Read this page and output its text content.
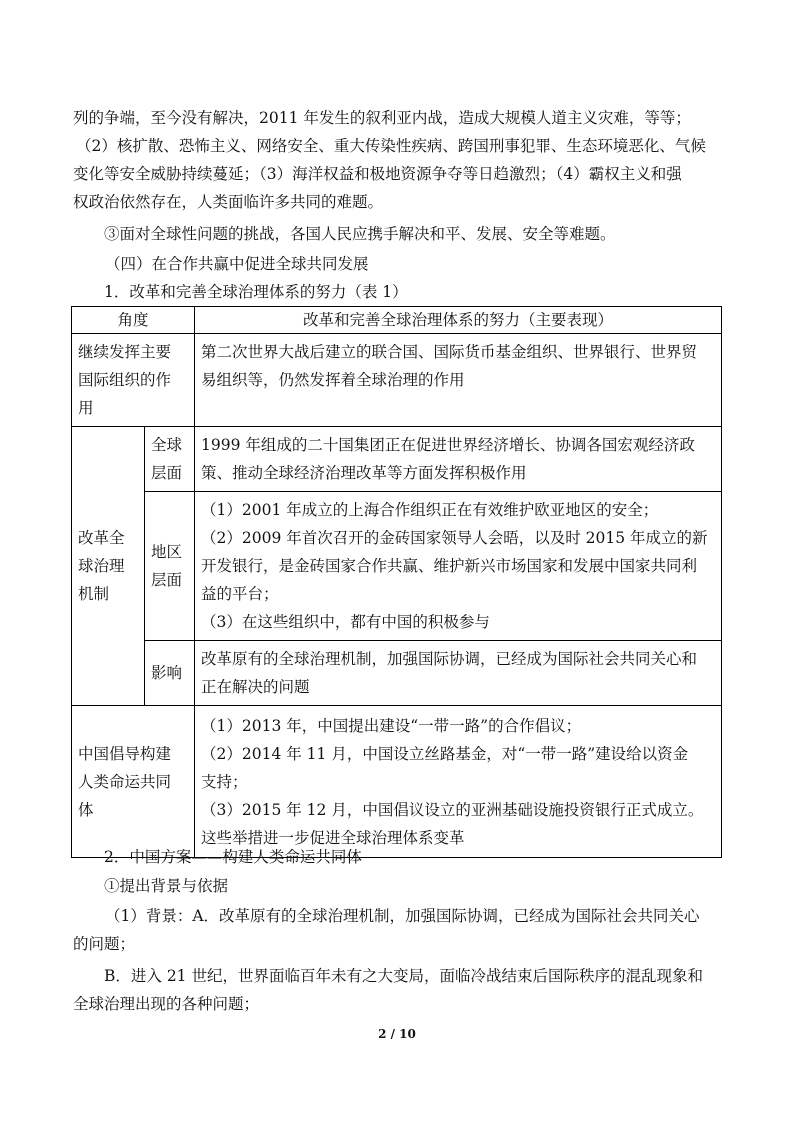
列的争端，至今没有解决，2011 年发生的叙利亚内战，造成大规模人道主义灾难，等等；
（2）核扩散、恐怖主义、网络安全、重大传染性疾病、跨国刑事犯罪、生态环境恶化、气候
变化等安全威胁持续蔓延；（3）海洋权益和极地资源争夺等日趋激烈；（4）霸权主义和强
权政治依然存在，人类面临许多共同的难题。
③面对全球性问题的挑战，各国人民应携手解决和平、发展、安全等难题。
（四）在合作共赢中促进全球共同发展
1．改革和完善全球治理体系的努力（表 1）
角度		改革和完善全球治理体系的努力（主要表现）

继续发挥主要
国际组织的作
用		第二次世界大战后建立的联合国、国际货币基金组织、世界银行、世界贸
易组织等，仍然发挥着全球治理的作用

改革全
球治理
机制	全球
层面	1999 年组成的二十国集团正在促进世界经济增长、协调各国宏观经济政
策、推动全球经济治理改革等方面发挥积极作用

	地区
层面	（1）2001 年成立的上海合作组织正在有效维护欧亚地区的安全；
（2）2009 年首次召开的金砖国家领导人会晤，以及时 2015 年成立的新
开发银行，是金砖国家合作共赢、维护新兴市场国家和发展中国家共同利
益的平台；
（3）在这些组织中，都有中国的积极参与

	影响	改革原有的全球治理机制，加强国际协调，已经成为国际社会共同关心和
正在解决的问题

中国倡导构建
人类命运共同
体		（1）2013 年，中国提出建设“一带一路”的合作倡议；
（2）2014 年 11 月，中国设立丝路基金，对“一带一路”建设给以资金
支持；
（3）2015 年 12 月，中国倡议设立的亚洲基础设施投资银行正式成立。
这些举措进一步促进全球治理体系变革
2．中国方案——构建人类命运共同体
①提出背景与依据
（1）背景：A．改革原有的全球治理机制，加强国际协调，已经成为国际社会共同关心
的问题；
B．进入 21 世纪，世界面临百年未有之大变局，面临冷战结束后国际秩序的混乱现象和
全球治理出现的各种问题；
2 / 10
